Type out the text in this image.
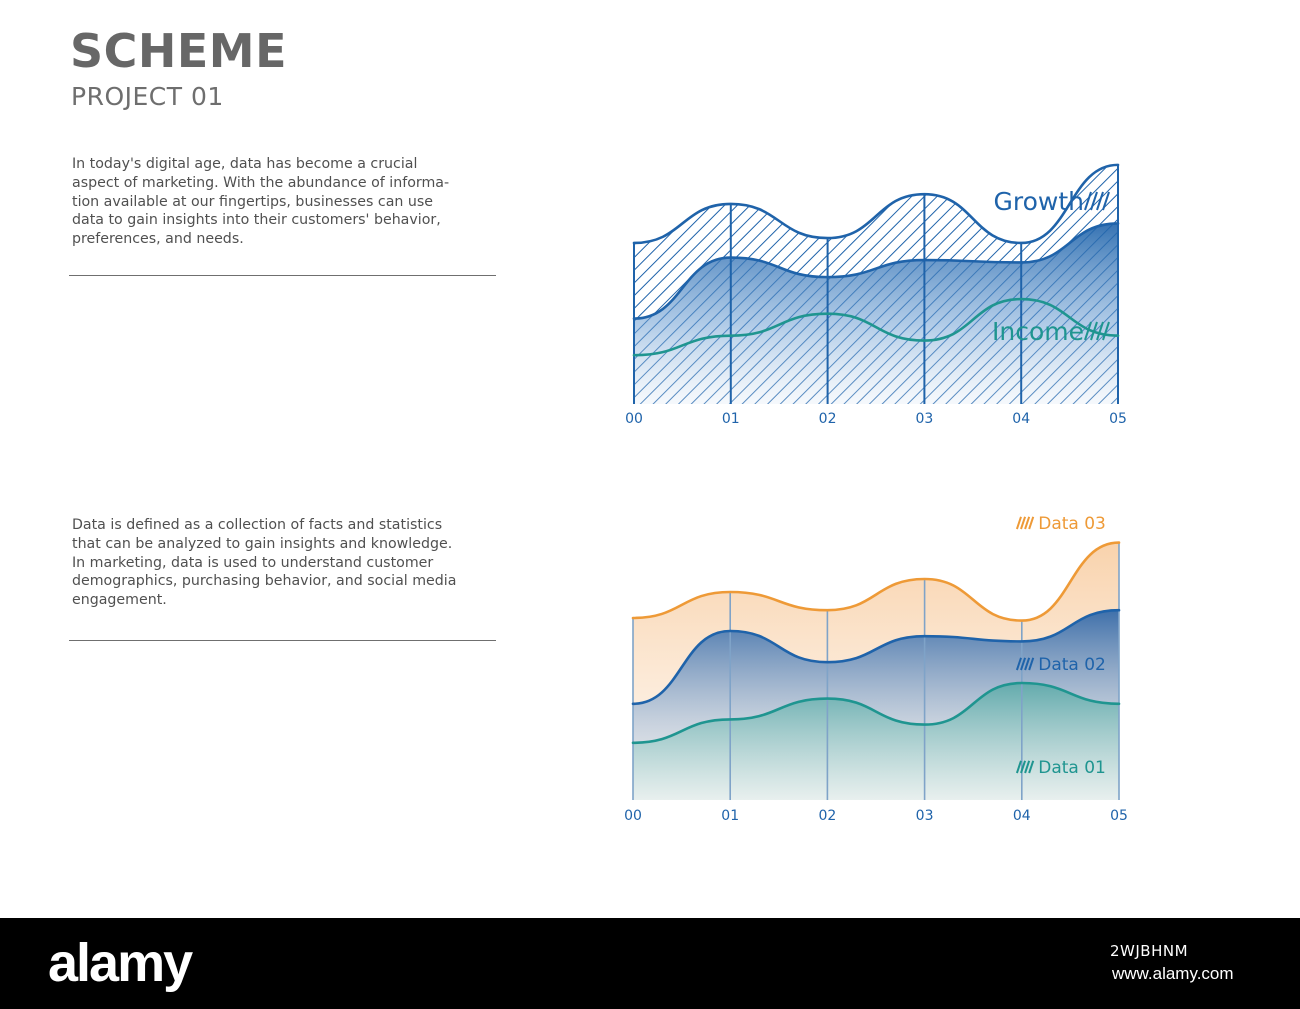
SCHEME
PROJECT 01
In today's digital age, data has become a crucial
aspect of marketing. With the abundance of informa-
tion available at our fingertips, businesses can use
data to gain insights into their customers' behavior,
preferences, and needs.
Data is defined as a collection of facts and statistics
that can be analyzed to gain insights and knowledge.
In marketing, data is used to understand customer
demographics, purchasing behavior, and social media
engagement.
00	01	02	03	04	05
Growth
Income
00	01	02	03	04	05
Data 03
Data 02
Data 01
alamy	2WJBHNM
www.alamy.com
